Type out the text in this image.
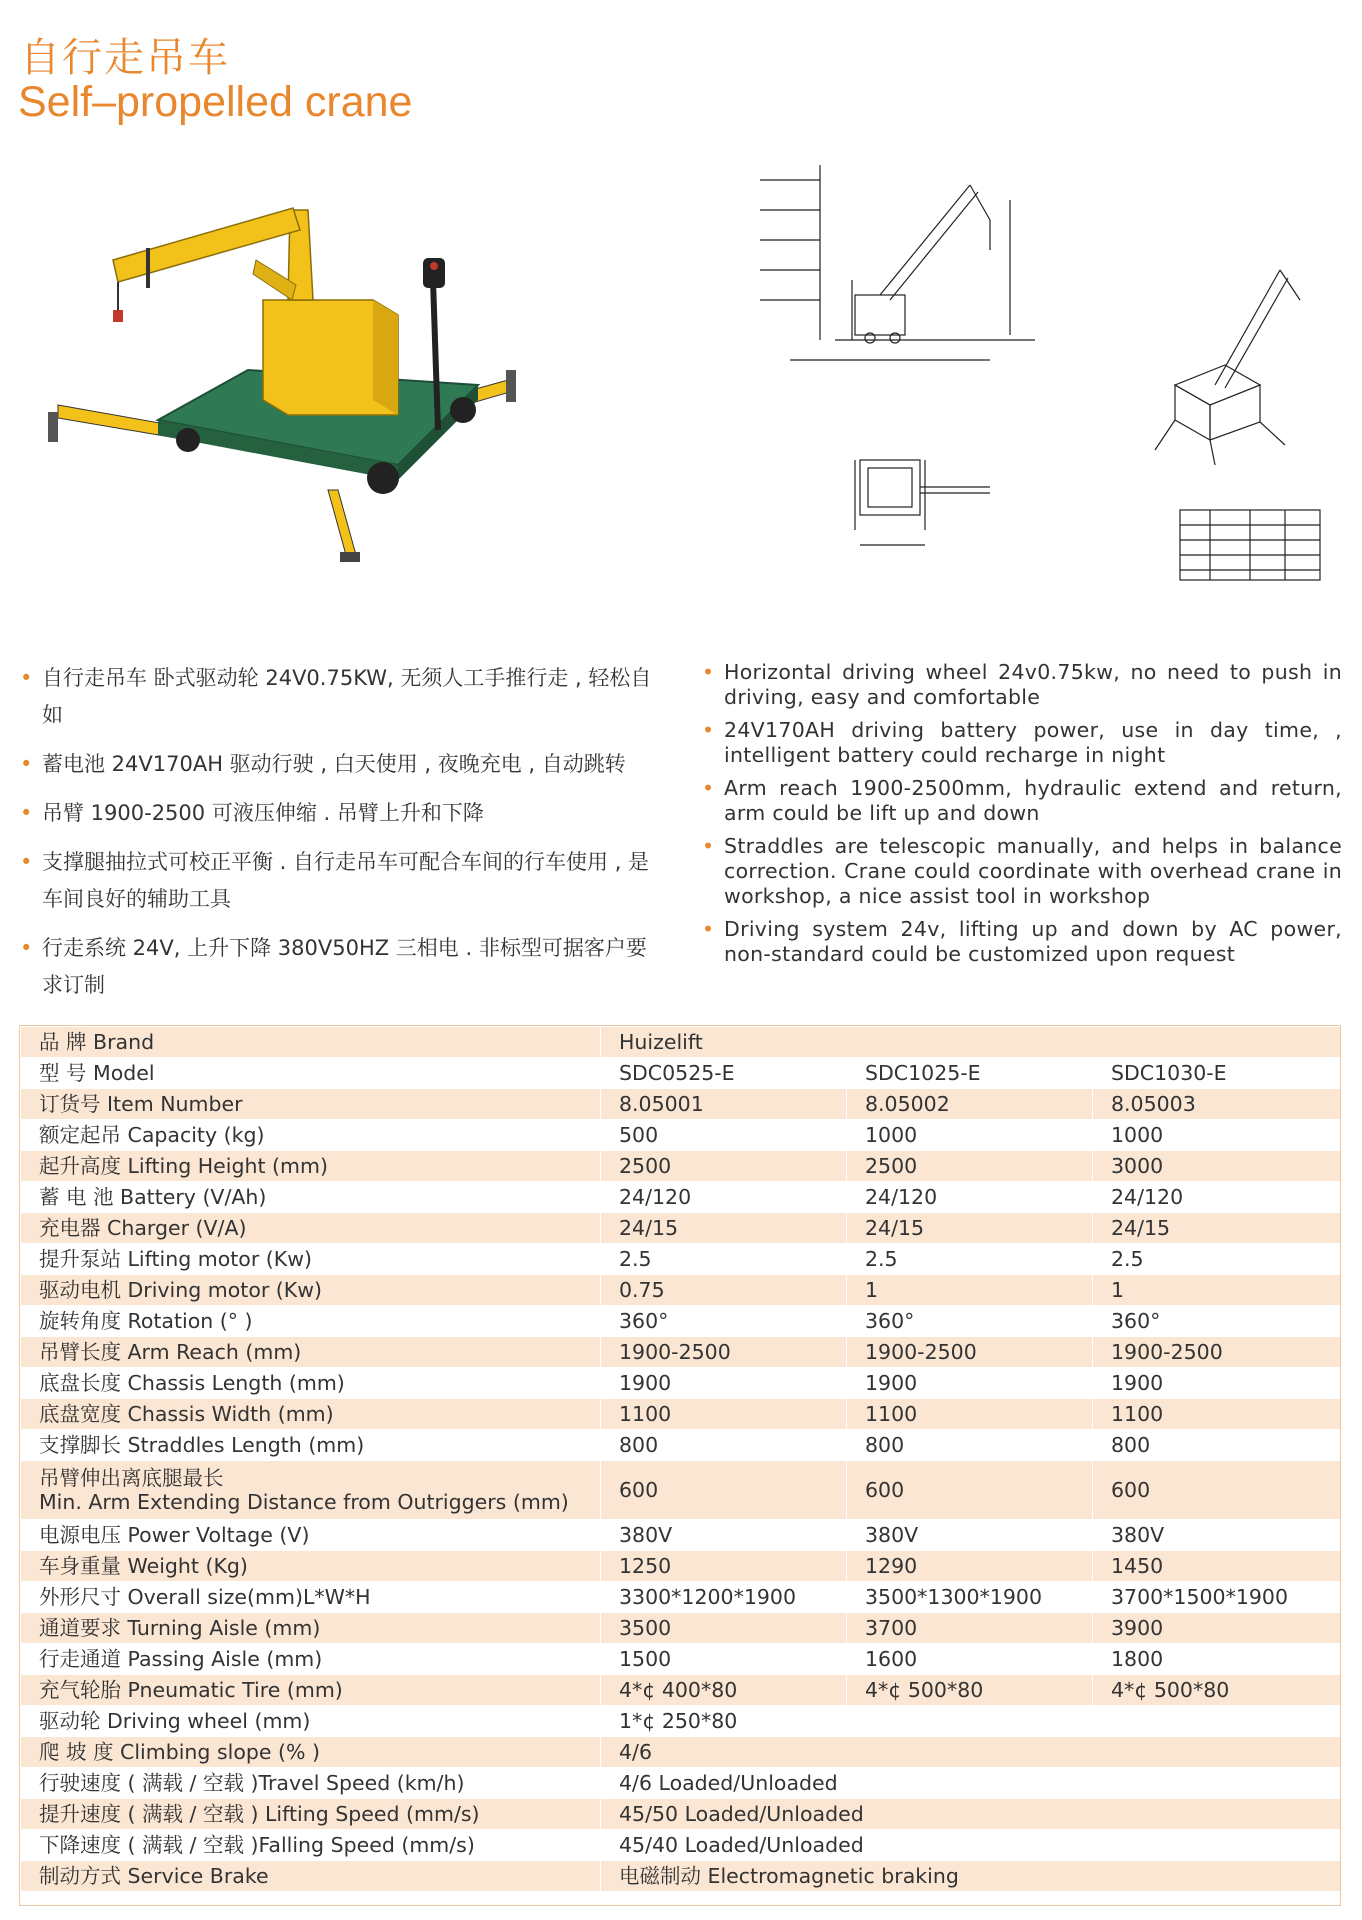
自行走吊车
Self–propelled crane
• 自行走吊车 卧式驱动轮 24V0.75KW, 无须人工手推行走 , 轻松自如
• 蓄电池 24V170AH 驱动行驶 , 白天使用 , 夜晚充电 , 自动跳转
• 吊臂 1900-2500 可液压伸缩 . 吊臂上升和下降
• 支撑腿抽拉式可校正平衡 . 自行走吊车可配合车间的行车使用 , 是车间良好的辅助工具
• 行走系统 24V, 上升下降 380V50HZ 三相电 . 非标型可据客户要求订制
• Horizontal driving wheel 24v0.75kw, no need to push in driving, easy and comfortable
• 24V170AH driving battery power, use in day time, , intelligent battery could recharge in night
• Arm reach 1900-2500mm, hydraulic extend and return, arm could be lift up and down
• Straddles are telescopic manually, and helps in balance correction. Crane could coordinate with overhead crane in workshop, a nice assist tool in workshop
• Driving system 24v, lifting up and down by AC power, non-standard could be customized upon request
品 牌 Brand	Huizelift		

型 号 Model	SDC0525-E	SDC1025-E	SDC1030-E

订货号 Item Number	8.05001	8.05002	8.05003

额定起吊 Capacity (kg)	500	1000	1000

起升高度 Lifting Height (mm)	2500	2500	3000

蓄 电 池 Battery (V/Ah)	24/120	24/120	24/120

充电器 Charger (V/A)	24/15	24/15	24/15

提升泵站 Lifting motor (Kw)	2.5	2.5	2.5

驱动电机 Driving motor (Kw)	0.75	1	1

旋转角度 Rotation (° )	360°	360°	360°

吊臂长度 Arm Reach (mm)	1900-2500	1900-2500	1900-2500

底盘长度 Chassis Length (mm)	1900	1900	1900

底盘宽度 Chassis Width (mm)	1100	1100	1100

支撑脚长 Straddles Length (mm)	800	800	800

吊臂伸出离底腿最长
Min. Arm Extending Distance from Outriggers (mm)	600	600	600

电源电压 Power Voltage (V)	380V	380V	380V

车身重量 Weight (Kg)	1250	1290	1450

外形尺寸 Overall size(mm)L*W*H	3300*1200*1900	3500*1300*1900	3700*1500*1900

通道要求 Turning Aisle (mm)	3500	3700	3900

行走通道 Passing Aisle (mm)	1500	1600	1800

充气轮胎 Pneumatic Tire (mm)	4*¢ 400*80	4*¢ 500*80	4*¢ 500*80

驱动轮 Driving wheel (mm)	1*¢ 250*80		

爬 坡 度 Climbing slope (% )	4/6		

行驶速度 ( 满载 / 空载 )Travel Speed (km/h)	4/6 Loaded/Unloaded		

提升速度 ( 满载 / 空载 ) Lifting Speed (mm/s)	45/50 Loaded/Unloaded		

下降速度 ( 满载 / 空载 )Falling Speed (mm/s)	45/40 Loaded/Unloaded		

制动方式 Service Brake	电磁制动 Electromagnetic braking		
